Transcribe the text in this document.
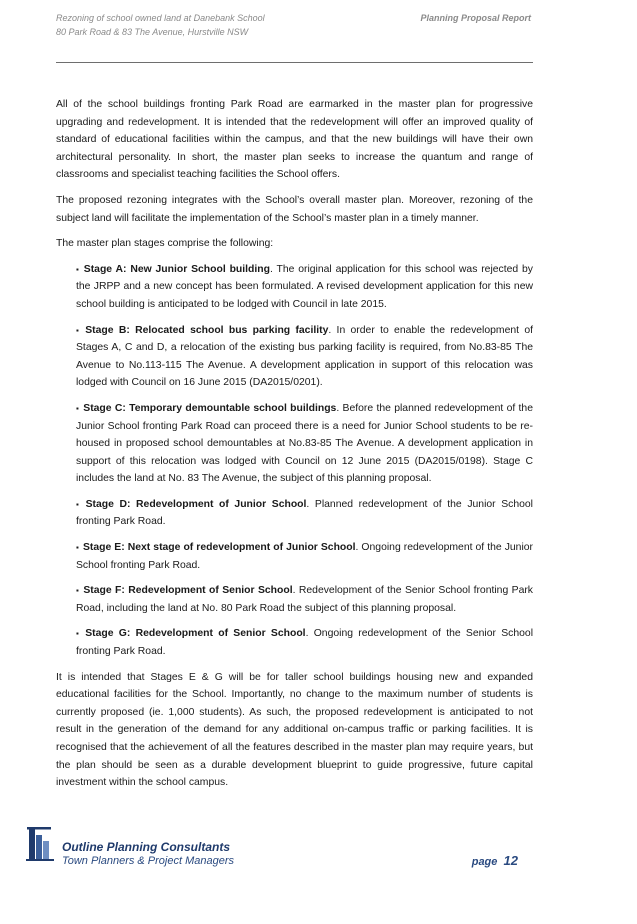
Rezoning of school owned land at Danebank School
80 Park Road & 83 The Avenue, Hurstville NSW
Planning Proposal Report

All of the school buildings fronting Park Road are earmarked in the master plan for progressive upgrading and redevelopment. It is intended that the redevelopment will offer an improved quality of standard of educational facilities within the campus, and that the new buildings will have their own architectural personality. In short, the master plan seeks to increase the quantum and range of classrooms and specialist teaching facilities the School offers.

The proposed rezoning integrates with the School’s overall master plan. Moreover, rezoning of the subject land will facilitate the implementation of the School’s master plan in a timely manner.

The master plan stages comprise the following:

▪ Stage A: New Junior School building. The original application for this school was rejected by the JRPP and a new concept has been formulated. A revised development application for this new school building is anticipated to be lodged with Council in late 2015.
▪ Stage B: Relocated school bus parking facility. In order to enable the redevelopment of Stages A, C and D, a relocation of the existing bus parking facility is required, from No.83-85 The Avenue to No.113-115 The Avenue. A development application in support of this relocation was lodged with Council on 16 June 2015 (DA2015/0201).
▪ Stage C: Temporary demountable school buildings. Before the planned redevelopment of the Junior School fronting Park Road can proceed there is a need for Junior School students to be re-housed in proposed school demountables at No.83-85 The Avenue. A development application in support of this relocation was lodged with Council on 12 June 2015 (DA2015/0198). Stage C includes the land at No. 83 The Avenue, the subject of this planning proposal.
▪ Stage D: Redevelopment of Junior School. Planned redevelopment of the Junior School fronting Park Road.
▪ Stage E: Next stage of redevelopment of Junior School. Ongoing redevelopment of the Junior School fronting Park Road.
▪ Stage F: Redevelopment of Senior School. Redevelopment of the Senior School fronting Park Road, including the land at No. 80 Park Road the subject of this planning proposal.
▪ Stage G: Redevelopment of Senior School. Ongoing redevelopment of the Senior School fronting Park Road.

It is intended that Stages E & G will be for taller school buildings housing new and expanded educational facilities for the School. Importantly, no change to the maximum number of students is currently proposed (ie. 1,000 students). As such, the proposed redevelopment is anticipated to not result in the generation of the demand for any additional on-campus traffic or parking facilities. It is recognised that the achievement of all the features described in the master plan may require years, but the plan should be seen as a durable development blueprint to guide progressive, future capital investment within the school campus.

Outline Planning Consultants
Town Planners & Project Managers	page 12
